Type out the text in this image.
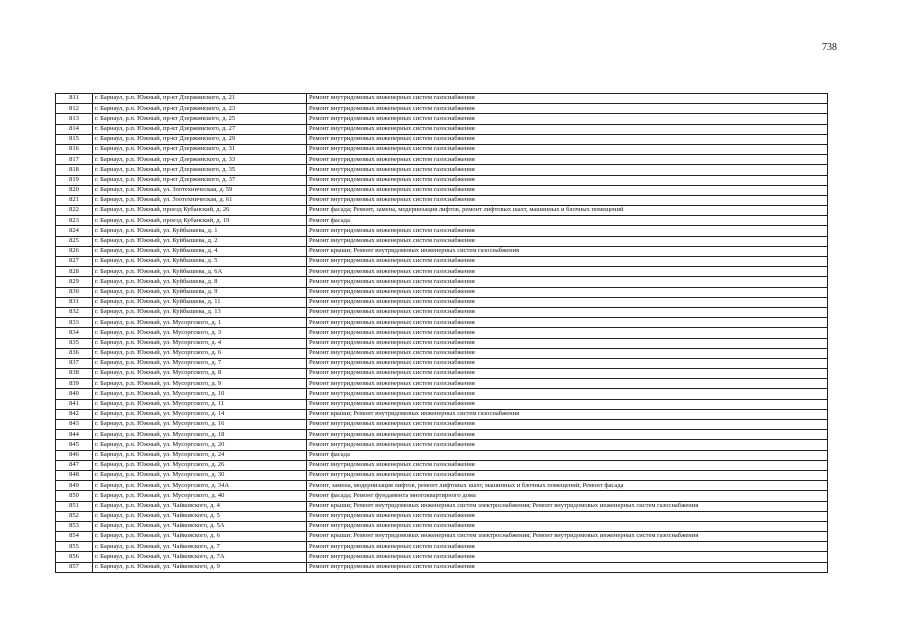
738
811	г. Барнаул, р.п. Южный, пр-кт Дзержинского, д. 21	Ремонт внутридомовых инженерных систем газоснабжения
812	г. Барнаул, р.п. Южный, пр-кт Дзержинского, д. 23	Ремонт внутридомовых инженерных систем газоснабжения
813	г. Барнаул, р.п. Южный, пр-кт Дзержинского, д. 25	Ремонт внутридомовых инженерных систем газоснабжения
814	г. Барнаул, р.п. Южный, пр-кт Дзержинского, д. 27	Ремонт внутридомовых инженерных систем газоснабжения
815	г. Барнаул, р.п. Южный, пр-кт Дзержинского, д. 29	Ремонт внутридомовых инженерных систем газоснабжения
816	г. Барнаул, р.п. Южный, пр-кт Дзержинского, д. 31	Ремонт внутридомовых инженерных систем газоснабжения
817	г. Барнаул, р.п. Южный, пр-кт Дзержинского, д. 33	Ремонт внутридомовых инженерных систем газоснабжения
818	г. Барнаул, р.п. Южный, пр-кт Дзержинского, д. 35	Ремонт внутридомовых инженерных систем газоснабжения
819	г. Барнаул, р.п. Южный, пр-кт Дзержинского, д. 37	Ремонт внутридомовых инженерных систем газоснабжения
820	г. Барнаул, р.п. Южный, ул. Зоотехническая, д. 59	Ремонт внутридомовых инженерных систем газоснабжения
821	г. Барнаул, р.п. Южный, ул. Зоотехническая, д. 61	Ремонт внутридомовых инженерных систем газоснабжения
822	г. Барнаул, р.п. Южный, проезд Кубанский, д. 26	Ремонт фасада; Ремонт, замена, модернизация лифтов, ремонт лифтовых шахт, машинных и блочных помещений
823	г. Барнаул, р.п. Южный, проезд Кубанский, д. 19	Ремонт фасада
824	г. Барнаул, р.п. Южный, ул. Куйбышева, д. 1	Ремонт внутридомовых инженерных систем газоснабжения
825	г. Барнаул, р.п. Южный, ул. Куйбышева, д. 2	Ремонт внутридомовых инженерных систем газоснабжения
826	г. Барнаул, р.п. Южный, ул. Куйбышева, д. 4	Ремонт крыши; Ремонт внутридомовых инженерных систем газоснабжения
827	г. Барнаул, р.п. Южный, ул. Куйбышева, д. 5	Ремонт внутридомовых инженерных систем газоснабжения
828	г. Барнаул, р.п. Южный, ул. Куйбышева, д. 6А	Ремонт внутридомовых инженерных систем газоснабжения
829	г. Барнаул, р.п. Южный, ул. Куйбышева, д. 8	Ремонт внутридомовых инженерных систем газоснабжения
830	г. Барнаул, р.п. Южный, ул. Куйбышева, д. 9	Ремонт внутридомовых инженерных систем газоснабжения
831	г. Барнаул, р.п. Южный, ул. Куйбышева, д. 11	Ремонт внутридомовых инженерных систем газоснабжения
832	г. Барнаул, р.п. Южный, ул. Куйбышева, д. 13	Ремонт внутридомовых инженерных систем газоснабжения
833	г. Барнаул, р.п. Южный, ул. Мусоргского, д. 1	Ремонт внутридомовых инженерных систем газоснабжения
834	г. Барнаул, р.п. Южный, ул. Мусоргского, д. 3	Ремонт внутридомовых инженерных систем газоснабжения
835	г. Барнаул, р.п. Южный, ул. Мусоргского, д. 4	Ремонт внутридомовых инженерных систем газоснабжения
836	г. Барнаул, р.п. Южный, ул. Мусоргского, д. 6	Ремонт внутридомовых инженерных систем газоснабжения
837	г. Барнаул, р.п. Южный, ул. Мусоргского, д. 7	Ремонт внутридомовых инженерных систем газоснабжения
838	г. Барнаул, р.п. Южный, ул. Мусоргского, д. 8	Ремонт внутридомовых инженерных систем газоснабжения
839	г. Барнаул, р.п. Южный, ул. Мусоргского, д. 9	Ремонт внутридомовых инженерных систем газоснабжения
840	г. Барнаул, р.п. Южный, ул. Мусоргского, д. 10	Ремонт внутридомовых инженерных систем газоснабжения
841	г. Барнаул, р.п. Южный, ул. Мусоргского, д. 11	Ремонт внутридомовых инженерных систем газоснабжения
842	г. Барнаул, р.п. Южный, ул. Мусоргского, д. 14	Ремонт крыши; Ремонт внутридомовых инженерных систем газоснабжения
843	г. Барнаул, р.п. Южный, ул. Мусоргского, д. 16	Ремонт внутридомовых инженерных систем газоснабжения
844	г. Барнаул, р.п. Южный, ул. Мусоргского, д. 18	Ремонт внутридомовых инженерных систем газоснабжения
845	г. Барнаул, р.п. Южный, ул. Мусоргского, д. 20	Ремонт внутридомовых инженерных систем газоснабжения
846	г. Барнаул, р.п. Южный, ул. Мусоргского, д. 24	Ремонт фасада
847	г. Барнаул, р.п. Южный, ул. Мусоргского, д. 26	Ремонт внутридомовых инженерных систем газоснабжения
848	г. Барнаул, р.п. Южный, ул. Мусоргского, д. 30	Ремонт внутридомовых инженерных систем газоснабжения
849	г. Барнаул, р.п. Южный, ул. Мусоргского, д. 34А	Ремонт, замена, модернизация лифтов, ремонт лифтовых шахт, машинных и блочных помещений; Ремонт фасада
850	г. Барнаул, р.п. Южный, ул. Мусоргского, д. 40	Ремонт фасада; Ремонт фундамента многоквартирного дома
851	г. Барнаул, р.п. Южный, ул. Чайковского, д. 4	Ремонт крыши; Ремонт внутридомовых инженерных систем электроснабжения; Ремонт внутридомовых инженерных систем газоснабжения
852	г. Барнаул, р.п. Южный, ул. Чайковского, д. 5	Ремонт внутридомовых инженерных систем газоснабжения
853	г. Барнаул, р.п. Южный, ул. Чайковского, д. 5А	Ремонт внутридомовых инженерных систем газоснабжения
854	г. Барнаул, р.п. Южный, ул. Чайковского, д. 6	Ремонт крыши; Ремонт внутридомовых инженерных систем электроснабжения; Ремонт внутридомовых инженерных систем газоснабжения
855	г. Барнаул, р.п. Южный, ул. Чайковского, д. 7	Ремонт внутридомовых инженерных систем газоснабжения
856	г. Барнаул, р.п. Южный, ул. Чайковского, д. 7А	Ремонт внутридомовых инженерных систем газоснабжения
857	г. Барнаул, р.п. Южный, ул. Чайковского, д. 9	Ремонт внутридомовых инженерных систем газоснабжения
